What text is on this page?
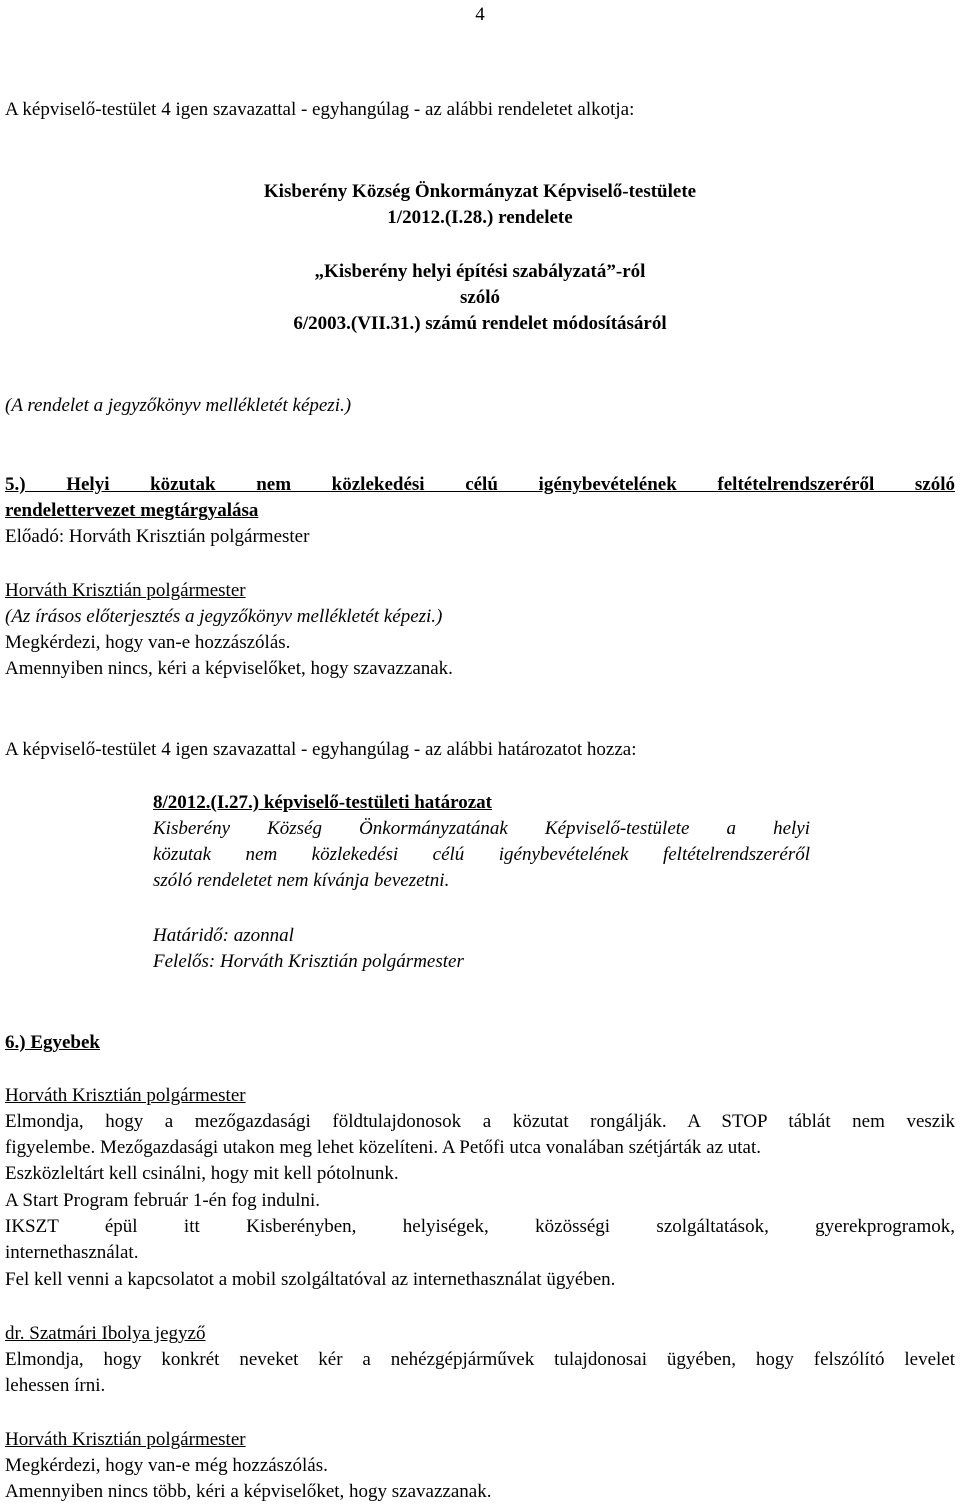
4
A képviselő-testület 4 igen szavazattal - egyhangúlag - az alábbi rendeletet alkotja:
Kisberény Község Önkormányzat Képviselő-testülete
1/2012.(I.28.) rendelete
„Kisberény helyi építési szabályzatá”-ról
szóló
6/2003.(VII.31.) számú rendelet módosításáról
(A rendelet a jegyzőkönyv mellékletét képezi.)
5.) Helyi közutak nem közlekedési célú igénybevételének feltételrendszeréről szóló
rendelettervezet megtárgyalása
Előadó: Horváth Krisztián polgármester
Horváth Krisztián polgármester
(Az írásos előterjesztés a jegyzőkönyv mellékletét képezi.)
Megkérdezi, hogy van-e hozzászólás.
Amennyiben nincs, kéri a képviselőket, hogy szavazzanak.
A képviselő-testület 4 igen szavazattal - egyhangúlag - az alábbi határozatot hozza:
8/2012.(I.27.) képviselő-testületi határozat
Kisberény Község Önkormányzatának Képviselő-testülete a helyi
közutak nem közlekedési célú igénybevételének feltételrendszeréről
szóló rendeletet nem kívánja bevezetni.
Határidő: azonnal
Felelős: Horváth Krisztián polgármester
6.) Egyebek
Horváth Krisztián polgármester
Elmondja, hogy a mezőgazdasági földtulajdonosok a közutat rongálják. A STOP táblát nem veszik
figyelembe. Mezőgazdasági utakon meg lehet közelíteni. A Petőfi utca vonalában szétjárták az utat.
Eszközleltárt kell csinálni, hogy mit kell pótolnunk.
A Start Program február 1-én fog indulni.
IKSZT épül itt Kisberényben, helyiségek, közösségi szolgáltatások, gyerekprogramok,
internethasználat.
Fel kell venni a kapcsolatot a mobil szolgáltatóval az internethasználat ügyében.
dr. Szatmári Ibolya jegyző
Elmondja, hogy konkrét neveket kér a nehézgépjárművek tulajdonosai ügyében, hogy felszólító levelet
lehessen írni.
Horváth Krisztián polgármester
Megkérdezi, hogy van-e még hozzászólás.
Amennyiben nincs több, kéri a képviselőket, hogy szavazzanak.
